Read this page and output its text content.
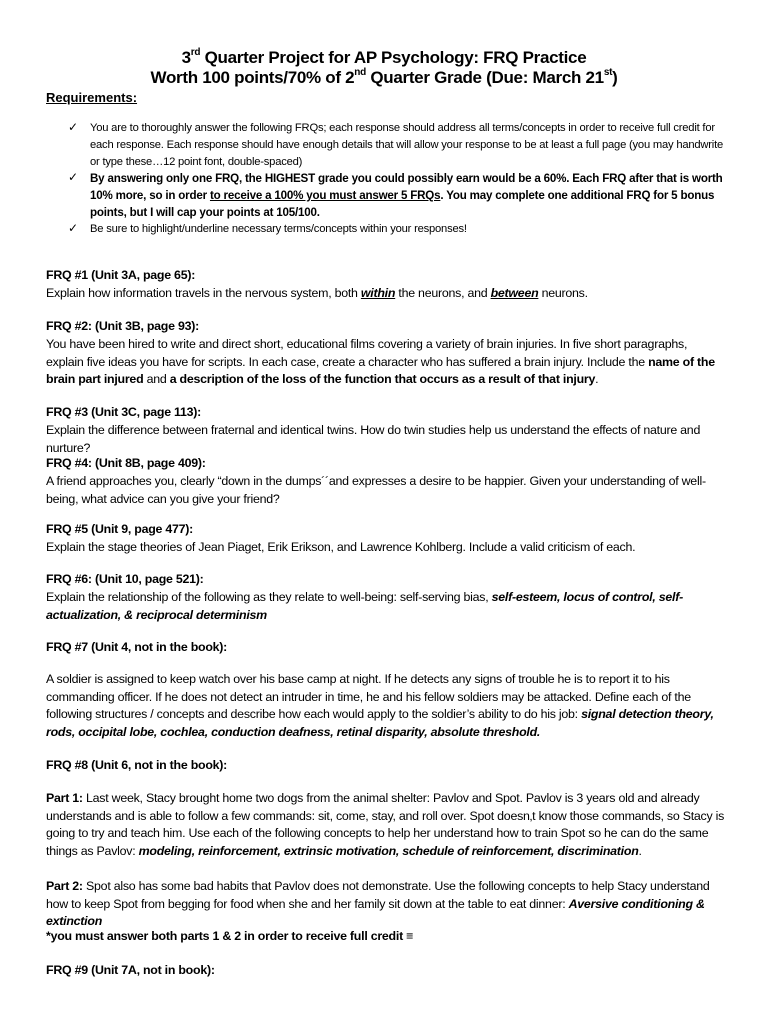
3rd Quarter Project for AP Psychology: FRQ Practice
Worth 100 points/70% of 2nd Quarter Grade (Due: March 21st)
Requirements:
✓ You are to thoroughly answer the following FRQs; each response should address all terms/concepts in order to receive full credit for each response. Each response should have enough details that will allow your response to be at least a full page (you may handwrite or type these…12 point font, double-spaced)
✓ By answering only one FRQ, the HIGHEST grade you could possibly earn would be a 60%. Each FRQ after that is worth 10% more, so in order to receive a 100% you must answer 5 FRQs. You may complete one additional FRQ for 5 bonus points, but I will cap your points at 105/100.
✓ Be sure to highlight/underline necessary terms/concepts within your responses!
FRQ #1 (Unit 3A, page 65):
Explain how information travels in the nervous system, both within the neurons, and between neurons.
FRQ #2: (Unit 3B, page 93):
You have been hired to write and direct short, educational films covering a variety of brain injuries. In five short paragraphs, explain five ideas you have for scripts. In each case, create a character who has suffered a brain injury. Include the name of the brain part injured and a description of the loss of the function that occurs as a result of that injury.
FRQ #3 (Unit 3C, page 113):
Explain the difference between fraternal and identical twins. How do twin studies help us understand the effects of nature and nurture?
FRQ #4: (Unit 8B, page 409):
A friend approaches you, clearly “down in the dumps´´and expresses a desire to be happier. Given your understanding of well-being, what advice can you give your friend?
FRQ #5 (Unit 9, page 477):
Explain the stage theories of Jean Piaget, Erik Erikson, and Lawrence Kohlberg. Include a valid criticism of each.
FRQ #6: (Unit 10, page 521):
Explain the relationship of the following as they relate to well-being: self-serving bias, self-esteem, locus of control, self-actualization, & reciprocal determinism
FRQ #7 (Unit 4, not in the book):
A soldier is assigned to keep watch over his base camp at night. If he detects any signs of trouble he is to report it to his commanding officer. If he does not detect an intruder in time, he and his fellow soldiers may be attacked. Define each of the following structures / concepts and describe how each would apply to the soldier’s ability to do his job: signal detection theory, rods, occipital lobe, cochlea, conduction deafness, retinal disparity, absolute threshold.
FRQ #8 (Unit 6, not in the book):
Part 1: Last week, Stacy brought home two dogs from the animal shelter: Pavlov and Spot. Pavlov is 3 years old and already understands and is able to follow a few commands: sit, come, stay, and roll over. Spot doesn‚t know those commands, so Stacy is going to try and teach him. Use each of the following concepts to help her understand how to train Spot so he can do the same things as Pavlov: modeling, reinforcement, extrinsic motivation, schedule of reinforcement, discrimination.
Part 2: Spot also has some bad habits that Pavlov does not demonstrate. Use the following concepts to help Stacy understand how to keep Spot from begging for food when she and her family sit down at the table to eat dinner: Aversive conditioning & extinction
*you must answer both parts 1 & 2 in order to receive full credit ≡
FRQ #9 (Unit 7A, not in book):
